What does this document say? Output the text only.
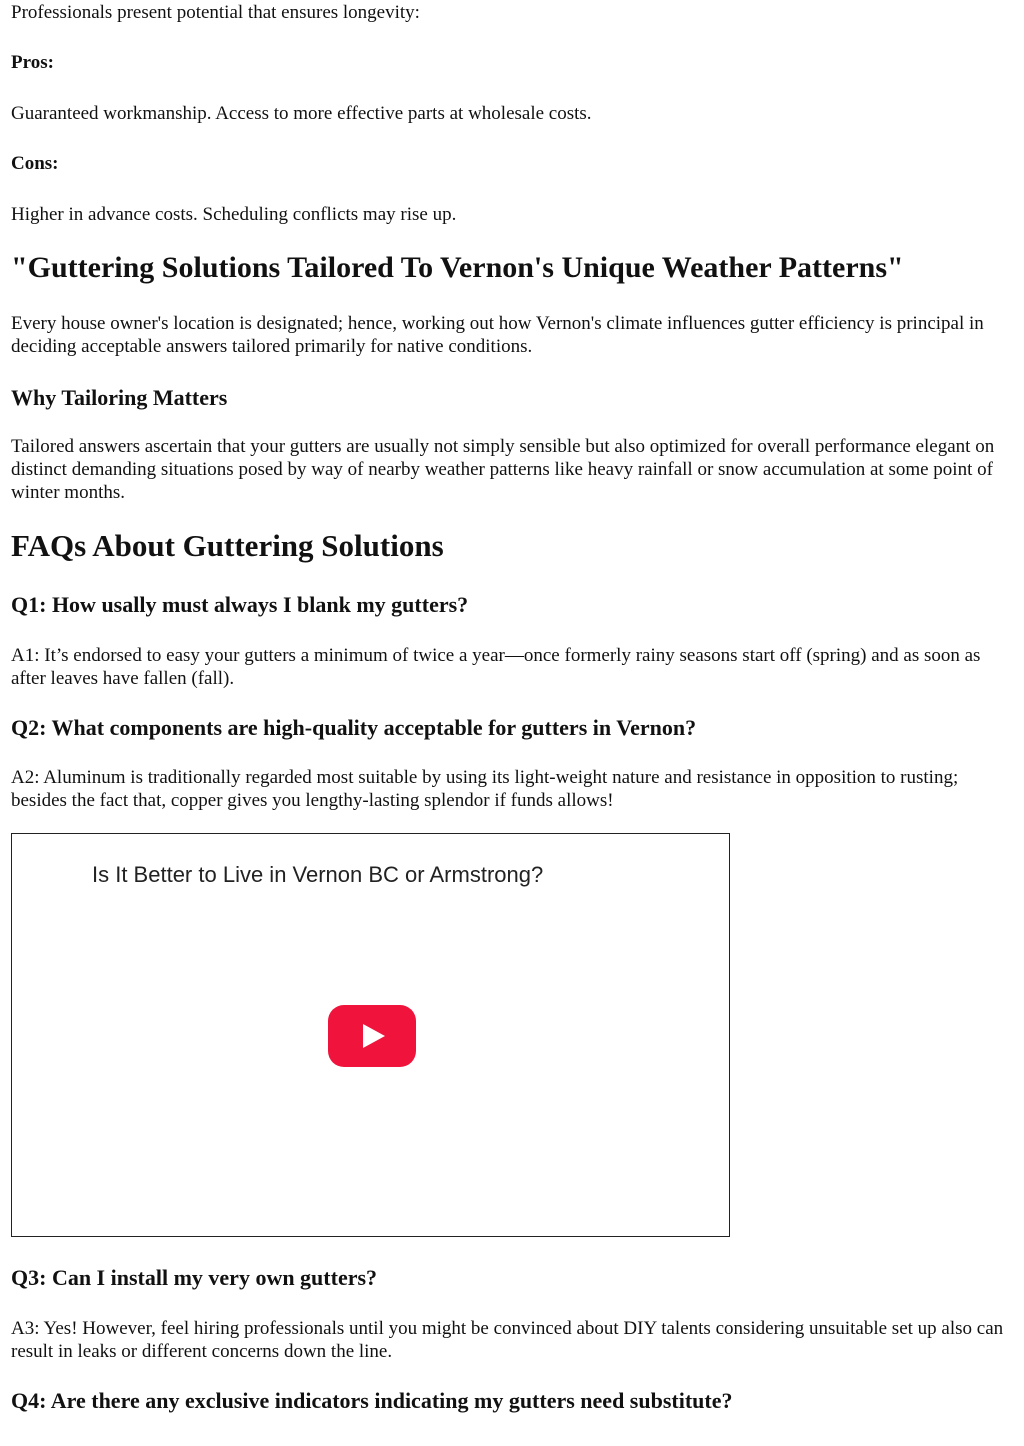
Professionals present potential that ensures longevity:

Pros:

Guaranteed workmanship. Access to more effective parts at wholesale costs.

Cons:

Higher in advance costs. Scheduling conflicts may rise up.

"Guttering Solutions Tailored To Vernon's Unique Weather Patterns"

Every house owner's location is designated; hence, working out how Vernon's climate influences gutter efficiency is principal in deciding acceptable answers tailored primarily for native conditions.

Why Tailoring Matters

Tailored answers ascertain that your gutters are usually not simply sensible but also optimized for overall performance elegant on distinct demanding situations posed by way of nearby weather patterns like heavy rainfall or snow accumulation at some point of winter months.

FAQs About Guttering Solutions
Q1: How usally must always I blank my gutters?

A1: It’s endorsed to easy your gutters a minimum of twice a year—once formerly rainy seasons start off (spring) and as soon as after leaves have fallen (fall).

Q2: What components are high-quality acceptable for gutters in Vernon?

A2: Aluminum is traditionally regarded most suitable by using its light-weight nature and resistance in opposition to rusting; besides the fact that, copper gives you lengthy-lasting splendor if funds allows!

Is It Better to Live in Vernon BC or Armstrong?

Q3: Can I install my very own gutters?

A3: Yes! However, feel hiring professionals until you might be convinced about DIY talents considering unsuitable set up also can result in leaks or different concerns down the line.

Q4: Are there any exclusive indicators indicating my gutters need substitute?
